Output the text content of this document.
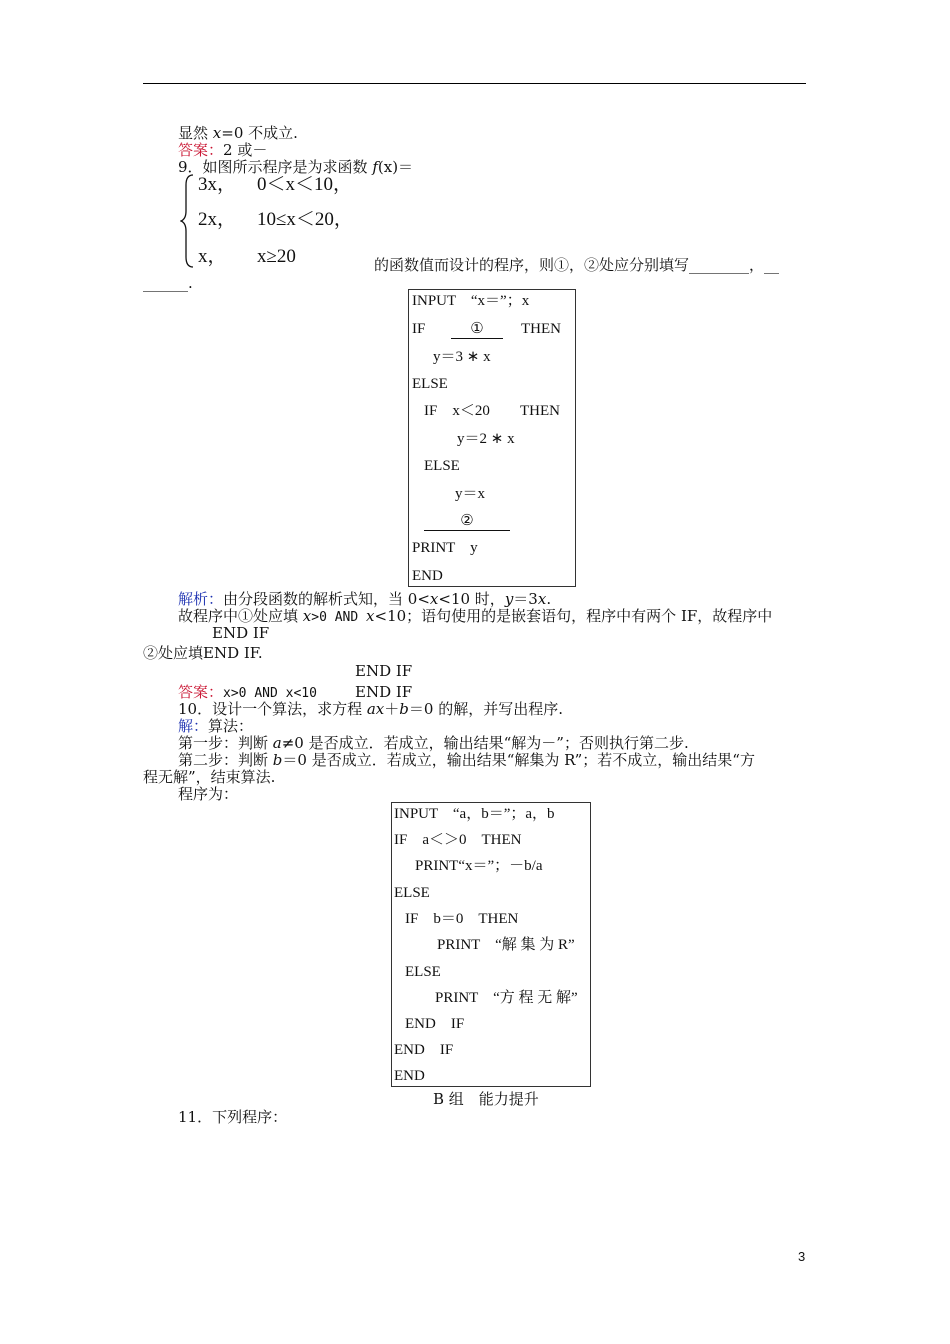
显然 x=0 不成立.
答案：2 或－
9．如图所示程序是为求函数 f(x)＝
3x， 0＜x＜10，
2x， 10≤x＜20，
x， x≥20	的函数值而设计的程序，则①，②处应分别填写________，__
______.
INPUT　“x＝”；x
IF	①	THEN
y＝3 ∗ x
ELSE
IF　x＜20 THEN
y＝2 ∗ x
ELSE
y＝x
②
PRINT　y
END
解析：由分段函数的解析式知，当 0<x<10 时，y＝3x.
故程序中①处应填 x>0 AND x<10；语句使用的是嵌套语句，程序中有两个 IF，故程序中
END IF
②处应填END IF.
END IF
答案：x>0 AND x<10	END IF
10．设计一个算法，求方程 ax＋b＝0 的解，并写出程序.
解：算法：
第一步：判断 a≠0 是否成立．若成立，输出结果“解为－”；否则执行第二步.
第二步：判断 b＝0 是否成立．若成立，输出结果“解集为 R”；若不成立，输出结果“方
程无解”，结束算法.
程序为：
INPUT　“a，b＝”；a，b
IF　a＜＞0　THEN
PRINT“x＝”；－b/a
ELSE
IF　b＝0　THEN
PRINT　“解 集 为 R”
ELSE
PRINT　“方 程 无 解”
END　IF
END　IF
END
B 组　能力提升
11．下列程序：
3
